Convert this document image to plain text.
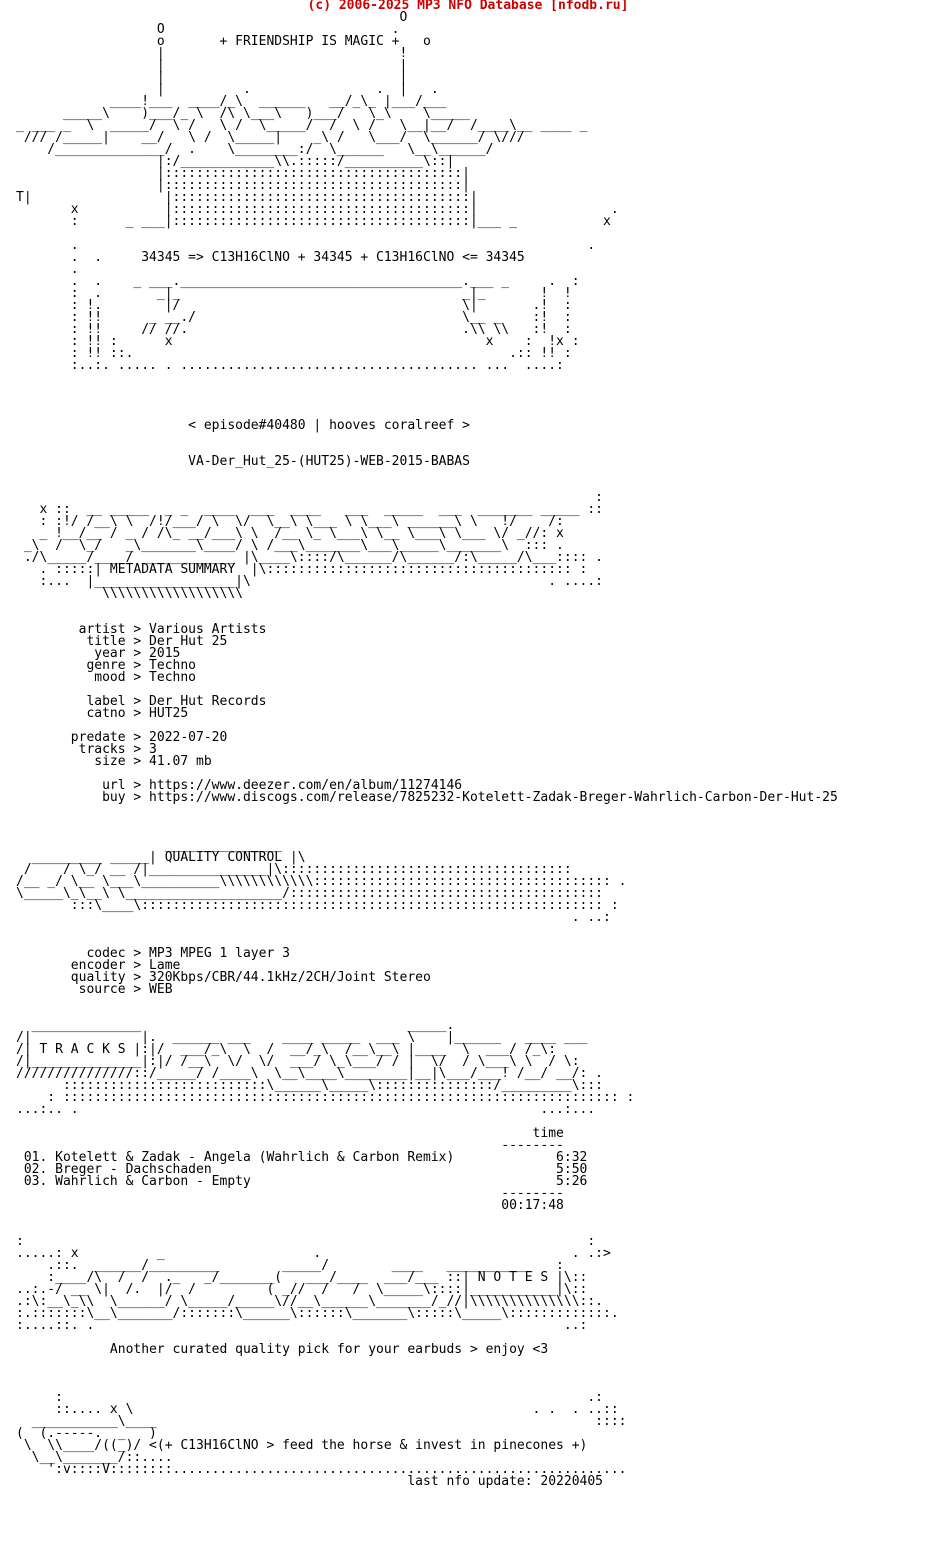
(c) 2006-2025 MP3 NFO Database [nfodb.ru]
O
O                             .
o       + FRIENDSHIP IS MAGIC +   o
|                              !
|                              |
|                              |
|          .                .  |   .
____!___  ____/_\  ______   __/_\_ |___/___
_____\    )___/_ \  /\ \___\   )___/   \_\    \_____
_ ___ _  \  _____/  \ /   \ /  \_____/  /  \ /   \__|__/  /____\__ ____ _
/// /_____|    __/   \ /  \_____|    _\ /   \___/  \______/ \///
/______________/  .    \________:/  \______   \__\______/
|:/____________\\.:::::/__________\::|
|::::::::::::::::::::::::::::::::::::::|
|::::::::::::::::::::::::::::::::::::::|
T|                 |::::::::::::::::::::::::::::::::::::::|
x           |::::::::::::::::::::::::::::::::::::::|                 .
:      _ ___|::::::::::::::::::::::::::::::::::::::|___ _           x
.                                                                 .
.  .     34345 => C13H16ClNO + 34345 + C13H16ClNO <= 34345
.
.  .    _ ___.____________________________________.___ _     .  :
:  .       _|_                                    _|_       !  !
: !.        |/                                    \|       .!  :
: !!      _ __./                                  \__ _    :!  :
: !!     // //.                                   .\\ \\   :!  :
: !! :      x                                        x    :  !x :
: !! ::.                                                .:: !! :
:..:. ..... . ...................................... ...  ....:
< episode#40480 | hooves coralreef >
VA-Der_Hut_25-(HUT25)-WEB-2015-BABAS
:
x ::  __ _____  _ _  ____  ___  ____   ___  _____  ___  _______ _____ ::
: :!/ /__\ \  /!/___/ \  \/  \__\ \___ \ \___\ ______\ \   !/    /:
_ !__/__ / _ / /\_ __/___\ \  /__ \_ \___\ \__ \___\ \___ \/ _//: x
_\  /  \_/   _\_______\____/ \ /___\_______\___\_____\_______\  ::: .
./\_____/____/ ____________ |\____\::::/\______/\______/:\_____/\___:::: .
. :::::| METADATA SUMMARY  |\::::::::::::::::::::::::::::::::::::::: :
:...  |__________________|\                                      . ....:
\\\\\\\\\\\\\\\\\\
artist > Various Artists
title > Der Hut 25
year > 2015
genre > Techno
mood > Techno
label > Der Hut Records
catno > HUT25
predate > 2022-07-20
tracks > 3
size > 41.07 mb
url > https://www.deezer.com/en/album/11274146
buy > https://www.discogs.com/release/7825232-Kotelett-Zadak-Breger-Wahrlich-Carbon-Der-Hut-25
_______________
_________ _____| QUALITY CONTROL |\
/    / \_/ __ /|_______________|\:::::::::::::::::::::::::::::::::::::
/__ _/ \__ \___\__________\\\\\\\\\\\\:::::::::::::::::::::::::::::::::::::: .
\_____\_\__\ \____________________/::::::::::::::::::::::::::::::::::::::::
:::\____\::::::::::::::::::::::::::::::::::::::::::::::::::::::::::: :
. ..:
codec > MP3 MPEG 1 layer 3
encoder > Lame
quality > 320Kbps/CBR/44.1kHz/2CH/Joint Stereo
source > WEB
______________                                  _____.
/|              |.  ______ ___    ____ _____  ___ \    |______   ____ ___
/| T R A C K S |:|/  ___/_\  \  /  __/_\  /__\__\ |____  \  ___/ /_\:
/|______________|:|/ /__\  \/  \/  ___/ \_\___/ / |  \/  / \___\ \  / \:
///////////////::/_____/ /____\  \__\____\________|__|\___/___! /__/ __/: .
::::::::::::::::::::::::::\______\_____\:::::::::::::::/_________\:::
: ::::::::::::::::::::::::::::::::::::::::::::::::::::::::::::::::::::::: :
...:.. .                                                           ...:...
time
--------
01. Kotelett & Zadak - Angela (Wahrlich & Carbon Remix)             6:32
02. Breger - Dachschaden                                            5:50
03. Wahrlich & Carbon - Empty                                       5:26
--------
00:17:48
:                                                                        :
.....: x          _                   .                                . .:>
.::.  ______/_________        _____/        ____   ___________   :
:____/\  /  /  ._   _/_______(   ___/____  ___/___ ::| N O T E S |\::
..:.-/ __ \|  /.  |/  /         ( _//  /   /  \_____\::::|___________|\::
.:\:__\_\\  \______/ \_____/_____\//__\______\_______/_//|\\\\\\\\\\\\\\::.
:.:::::::\__\_______/:::::::\______\::::::\_______\:::::\_____\:::::::::::::.
:....::. .                                                            ..:
Another curated quality pick for your earbuds > enjoy <3
:                                                                   .:
::.... x \                                                   . .  . ..::
___________\____                                                        ::::
(  (.-----.  _   )
\  \\____/((_)/ <(+ C13H16ClNO > feed the horse & invest in pinecones +)
\__\_______/::....
':v::::V::::::::..........................................................
last nfo update: 20220405
